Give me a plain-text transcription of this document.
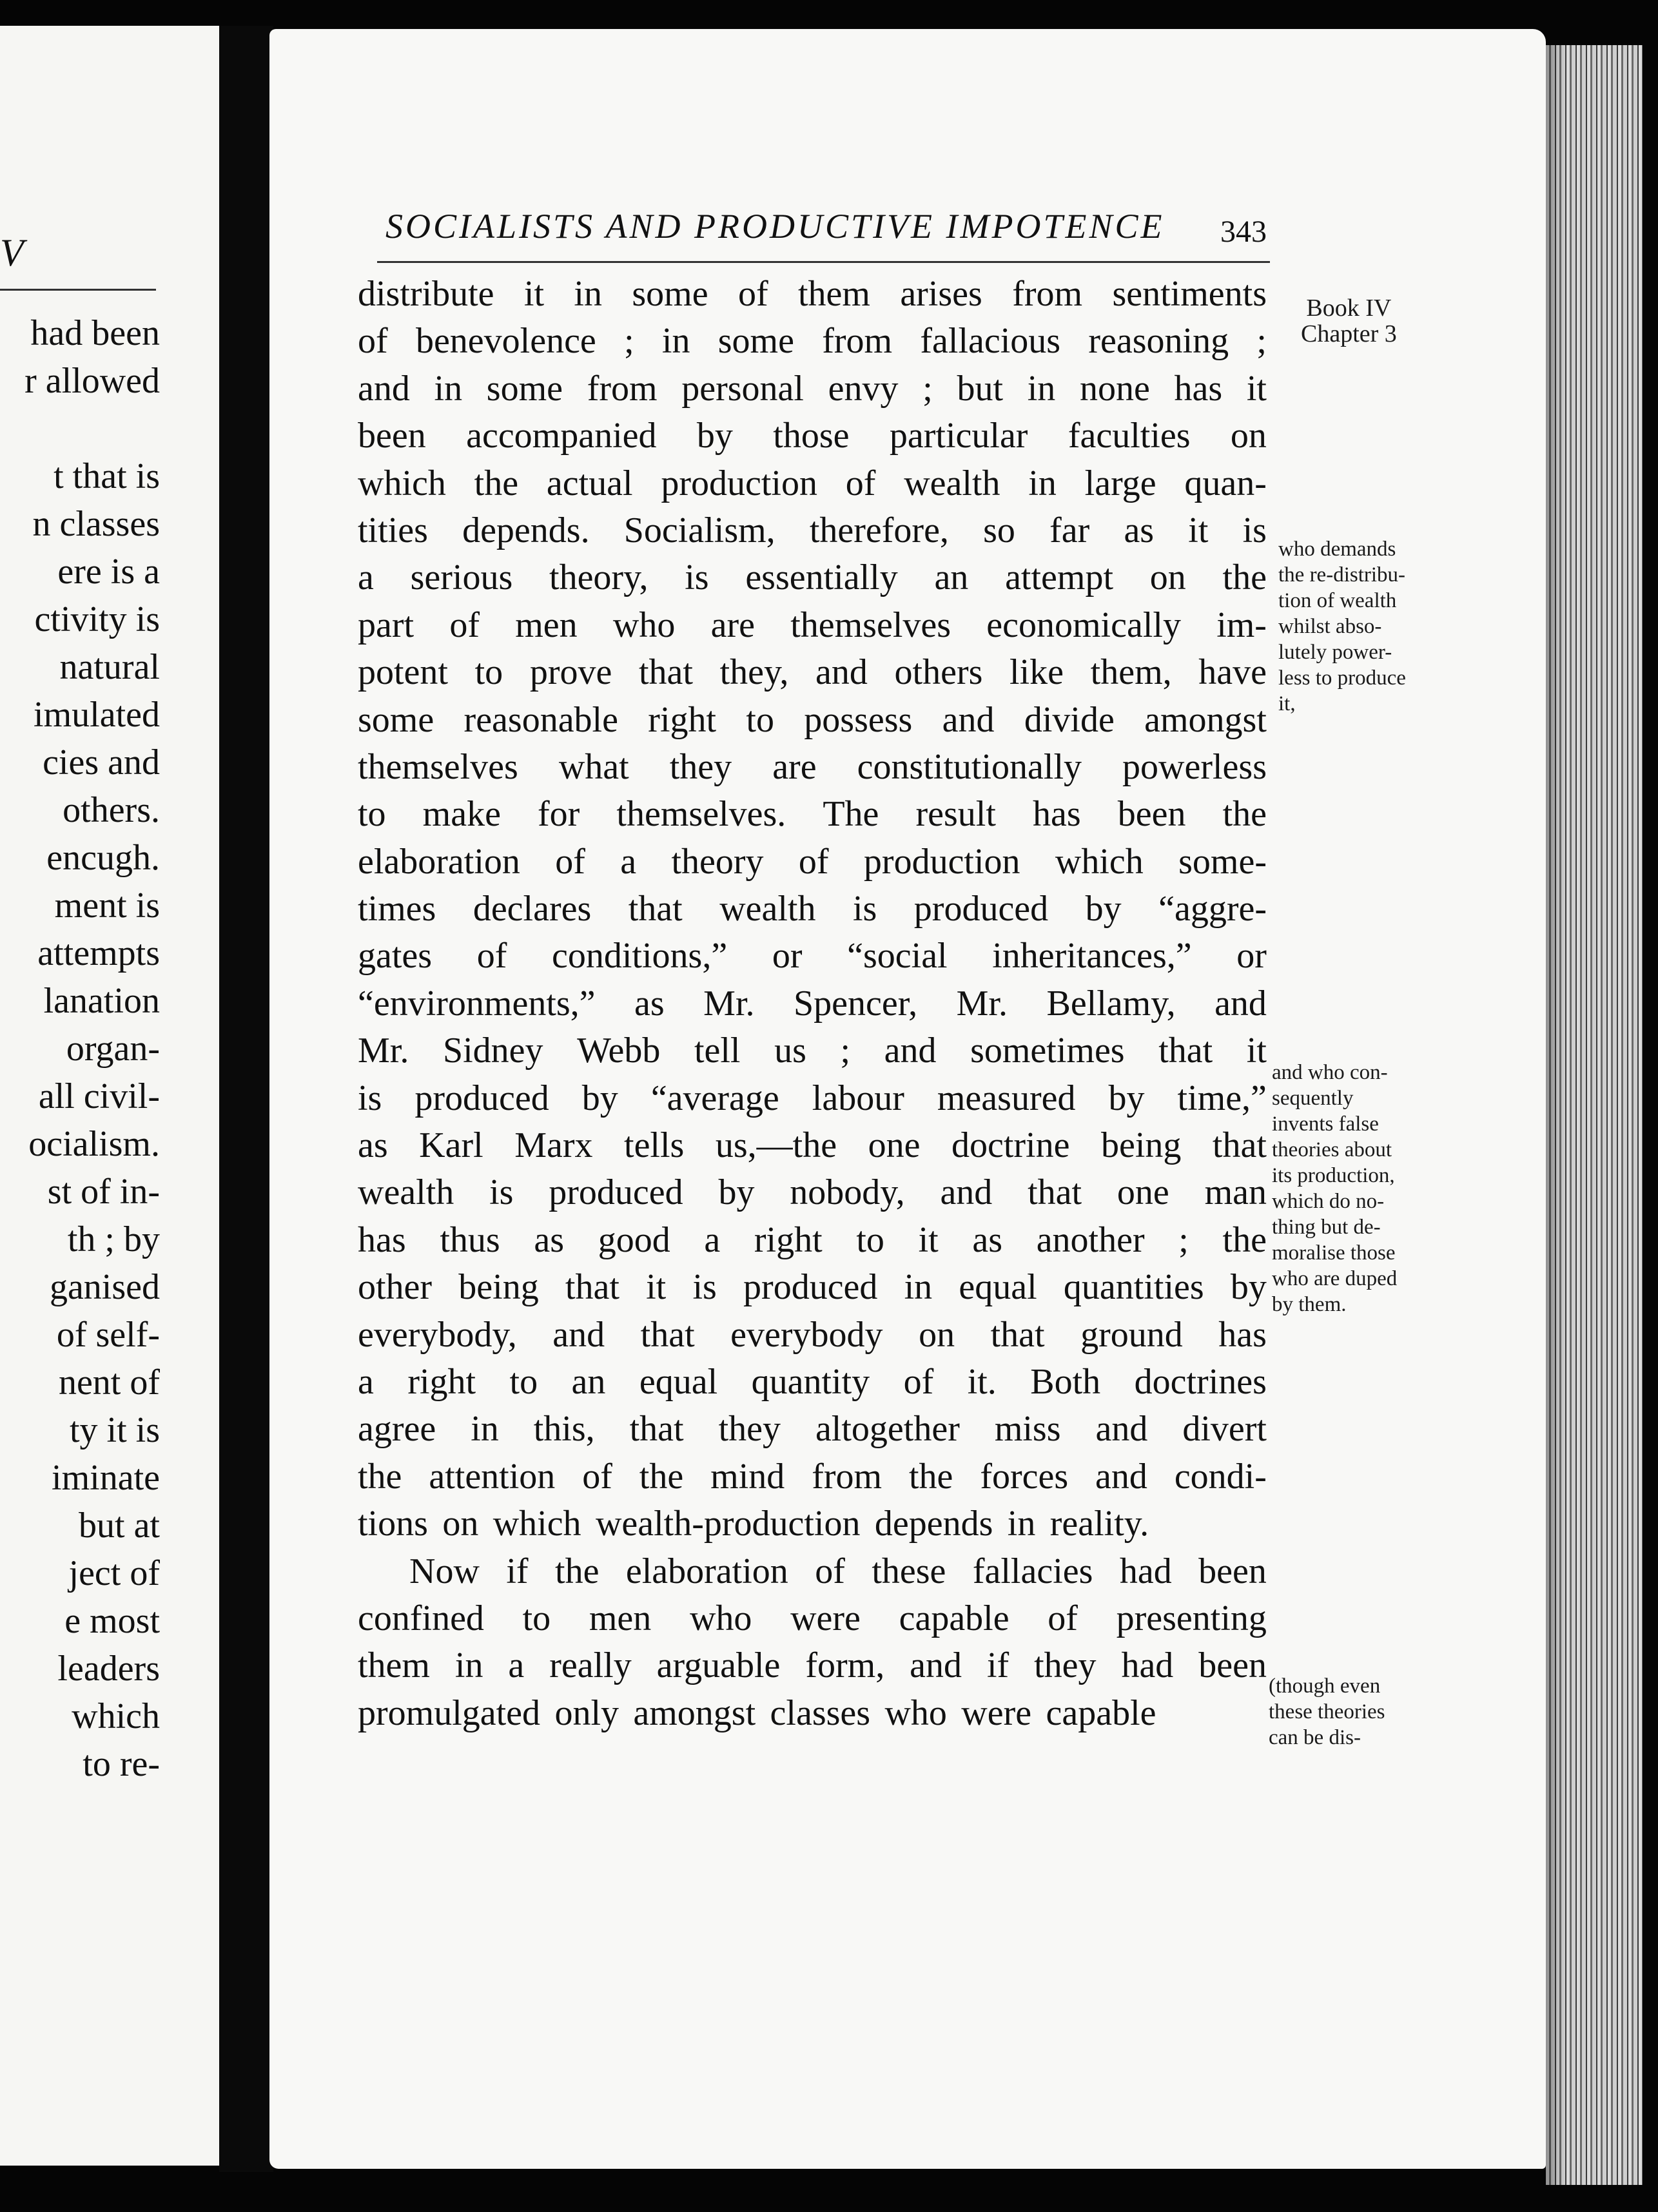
V
had been
r allowed

t that is
n classes
ere is a
ctivity is
natural
imulated
cies and
others.
encugh.
ment is
attempts
lanation
organ-
all civil-
ocialism.
st of in-
th ; by
ganised
of self-
nent of
ty it is
iminate
but at
ject of
e most
leaders
which
to re-
SOCIALISTS AND PRODUCTIVE IMPOTENCE 343
distribute it in some of them arises from sentiments
of benevolence ; in some from fallacious reasoning ;
and in some from personal envy ; but in none has it
been accompanied by those particular faculties on
which the actual production of wealth in large quan-
tities depends. Socialism, therefore, so far as it is
a serious theory, is essentially an attempt on the
part of men who are themselves economically im-
potent to prove that they, and others like them, have
some reasonable right to possess and divide amongst
themselves what they are constitutionally powerless
to make for themselves. The result has been the
elaboration of a theory of production which some-
times declares that wealth is produced by “aggre-
gates of conditions,” or “social inheritances,” or
“environments,” as Mr. Spencer, Mr. Bellamy, and
Mr. Sidney Webb tell us ; and sometimes that it
is produced by “average labour measured by time,”
as Karl Marx tells us,—the one doctrine being that
wealth is produced by nobody, and that one man
has thus as good a right to it as another ; the
other being that it is produced in equal quantities by
everybody, and that everybody on that ground has
a right to an equal quantity of it. Both doctrines
agree in this, that they altogether miss and divert
the attention of the mind from the forces and condi-
tions on which wealth-production depends in reality.
Now if the elaboration of these fallacies had been
confined to men who were capable of presenting
them in a really arguable form, and if they had been
promulgated only amongst classes who were capable
Book IV
Chapter 3
who demands
the re-distribu-
tion of wealth
whilst abso-
lutely power-
less to produce
it,
and who con-
sequently
invents false
theories about
its production,
which do no-
thing but de-
moralise those
who are duped
by them.
(though even
these theories
can be dis-
